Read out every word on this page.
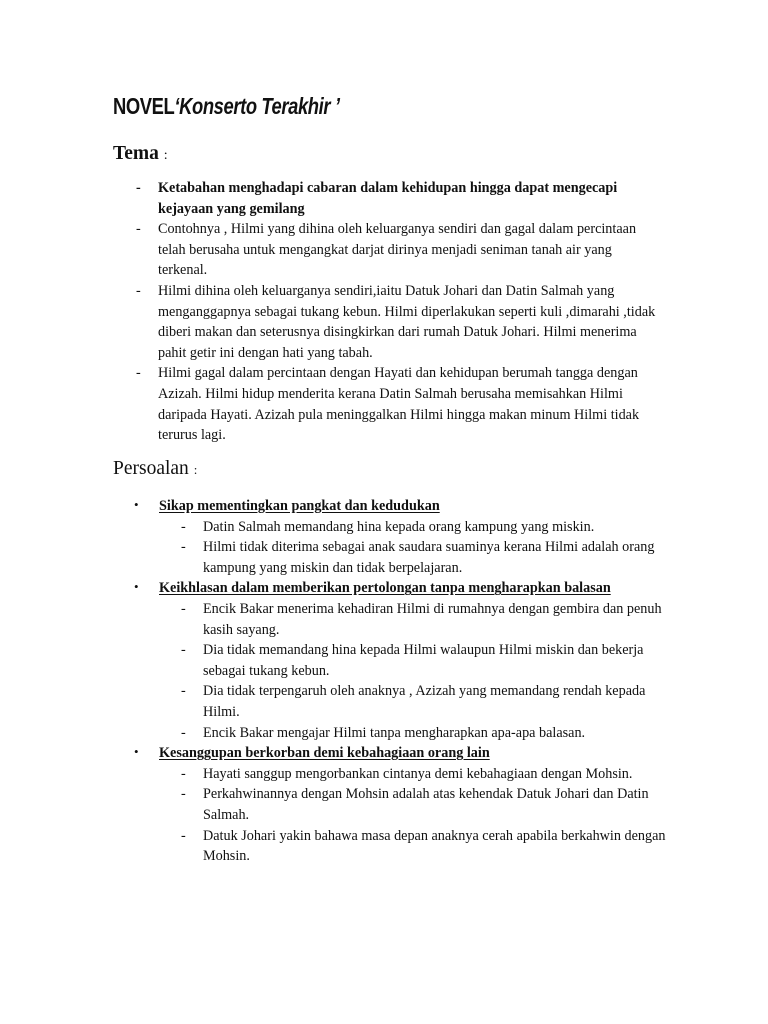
NOVEL‘Konserto Terakhir ’
Tema :
- Ketabahan menghadapi cabaran dalam kehidupan hingga dapat mengecapi kejayaan yang gemilang
- Contohnya , Hilmi yang dihina oleh keluarganya sendiri dan gagal dalam percintaan telah berusaha untuk mengangkat darjat dirinya menjadi seniman tanah air yang terkenal.
- Hilmi dihina oleh keluarganya sendiri,iaitu Datuk Johari dan Datin Salmah yang menganggapnya sebagai tukang kebun. Hilmi diperlakukan seperti kuli ,dimarahi ,tidak diberi makan dan seterusnya disingkirkan dari rumah Datuk Johari. Hilmi menerima pahit getir ini dengan hati yang tabah.
- Hilmi gagal dalam percintaan dengan Hayati dan kehidupan berumah tangga dengan Azizah. Hilmi hidup menderita kerana Datin Salmah berusaha memisahkan Hilmi daripada Hayati. Azizah pula meninggalkan Hilmi hingga makan minum Hilmi tidak terurus lagi.
Persoalan :
• Sikap mementingkan pangkat dan kedudukan
- Datin Salmah memandang hina kepada orang kampung yang miskin.
- Hilmi tidak diterima sebagai anak saudara suaminya kerana Hilmi adalah orang kampung yang miskin dan tidak berpelajaran.
• Keikhlasan dalam memberikan pertolongan tanpa mengharapkan balasan
- Encik Bakar menerima kehadiran Hilmi di rumahnya dengan gembira dan penuh kasih sayang.
- Dia tidak memandang hina kepada Hilmi walaupun Hilmi miskin dan bekerja sebagai tukang kebun.
- Dia tidak terpengaruh oleh anaknya , Azizah yang memandang rendah kepada Hilmi.
- Encik Bakar mengajar Hilmi tanpa mengharapkan apa-apa balasan.
• Kesanggupan berkorban demi kebahagiaan orang lain
- Hayati sanggup mengorbankan cintanya demi kebahagiaan dengan Mohsin.
- Perkahwinannya dengan Mohsin adalah atas kehendak Datuk Johari dan Datin Salmah.
- Datuk Johari yakin bahawa masa depan anaknya cerah apabila berkahwin dengan Mohsin.
